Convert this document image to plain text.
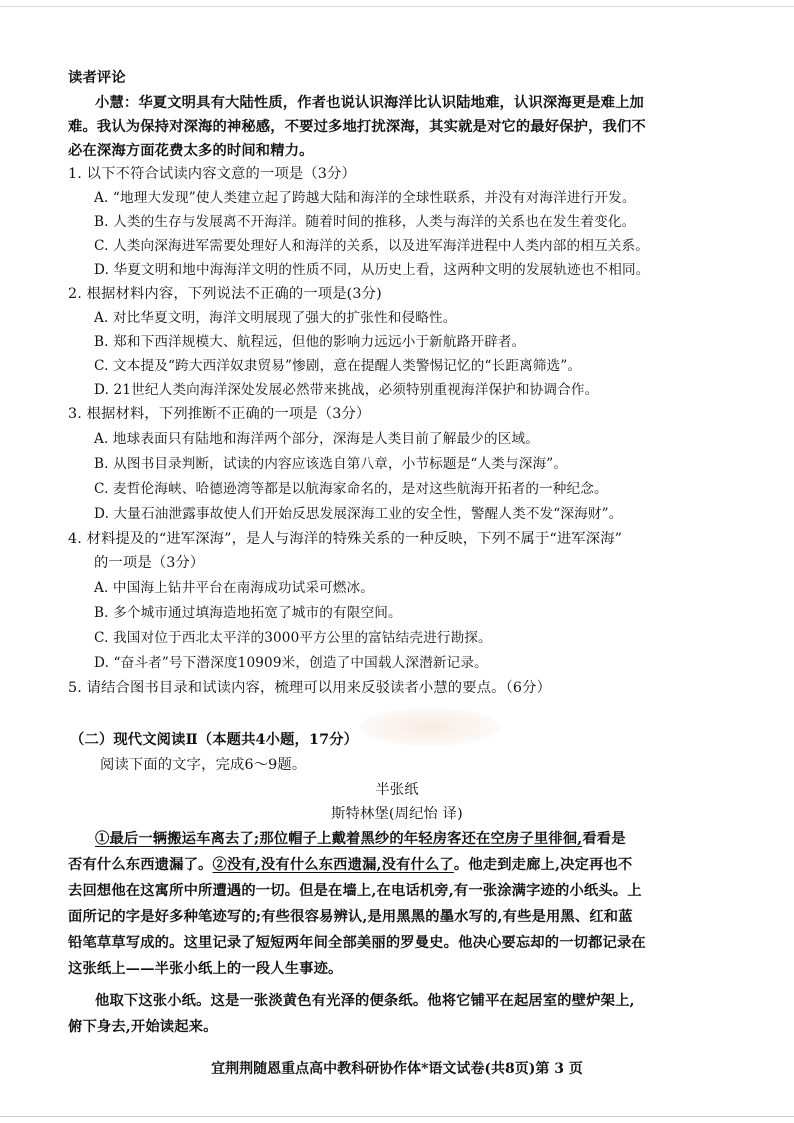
读者评论
小慧：华夏文明具有大陆性质，作者也说认识海洋比认识陆地难，认识深海更是难上加
难。我认为保持对深海的神秘感，不要过多地打扰深海，其实就是对它的最好保护，我们不
必在深海方面花费太多的时间和精力。
1. 以下不符合试读内容文意的一项是（3分）
A. “地理大发现”使人类建立起了跨越大陆和海洋的全球性联系，并没有对海洋进行开发。
B. 人类的生存与发展离不开海洋。随着时间的推移，人类与海洋的关系也在发生着变化。
C. 人类向深海进军需要处理好人和海洋的关系，以及进军海洋进程中人类内部的相互关系。
D. 华夏文明和地中海海洋文明的性质不同，从历史上看，这两种文明的发展轨迹也不相同。
2. 根据材料内容，下列说法不正确的一项是(3分)
A. 对比华夏文明，海洋文明展现了强大的扩张性和侵略性。
B. 郑和下西洋规模大、航程远，但他的影响力远远小于新航路开辟者。
C. 文本提及“跨大西洋奴隶贸易”惨剧，意在提醒人类警惕记忆的“长距离筛选”。
D. 21世纪人类向海洋深处发展必然带来挑战，必须特别重视海洋保护和协调合作。
3. 根据材料，下列推断不正确的一项是（3分）
A. 地球表面只有陆地和海洋两个部分，深海是人类目前了解最少的区域。
B. 从图书目录判断，试读的内容应该选自第八章，小节标题是“人类与深海”。
C. 麦哲伦海峡、哈德逊湾等都是以航海家命名的，是对这些航海开拓者的一种纪念。
D. 大量石油泄露事故使人们开始反思发展深海工业的安全性，警醒人类不发“深海财”。
4. 材料提及的“进军深海”，是人与海洋的特殊关系的一种反映，下列不属于“进军深海”
的一项是（3分）
A. 中国海上钻井平台在南海成功试采可燃冰。
B. 多个城市通过填海造地拓宽了城市的有限空间。
C. 我国对位于西北太平洋的3000平方公里的富钴结壳进行勘探。
D. “奋斗者”号下潜深度10909米，创造了中国载人深潜新记录。
5. 请结合图书目录和试读内容，梳理可以用来反驳读者小慧的要点。（6分）
（二）现代文阅读Ⅱ（本题共4小题，17分）
阅读下面的文字，完成6～9题。
半张纸
斯特林堡(周纪怡 译)
①最后一辆搬运车离去了;那位帽子上戴着黑纱的年轻房客还在空房子里徘徊,看看是
否有什么东西遗漏了。②没有,没有什么东西遗漏,没有什么了。他走到走廊上,决定再也不
去回想他在这寓所中所遭遇的一切。但是在墙上,在电话机旁,有一张涂满字迹的小纸头。上
面所记的字是好多种笔迹写的;有些很容易辨认,是用黑黑的墨水写的,有些是用黑、红和蓝
铅笔草草写成的。这里记录了短短两年间全部美丽的罗曼史。他决心要忘却的一切都记录在
这张纸上——半张小纸上的一段人生事迹。
他取下这张小纸。这是一张淡黄色有光泽的便条纸。他将它铺平在起居室的壁炉架上,
俯下身去,开始读起来。
宜荆荆随恩重点高中教科研协作体*语文试卷(共8页)第 3 页
